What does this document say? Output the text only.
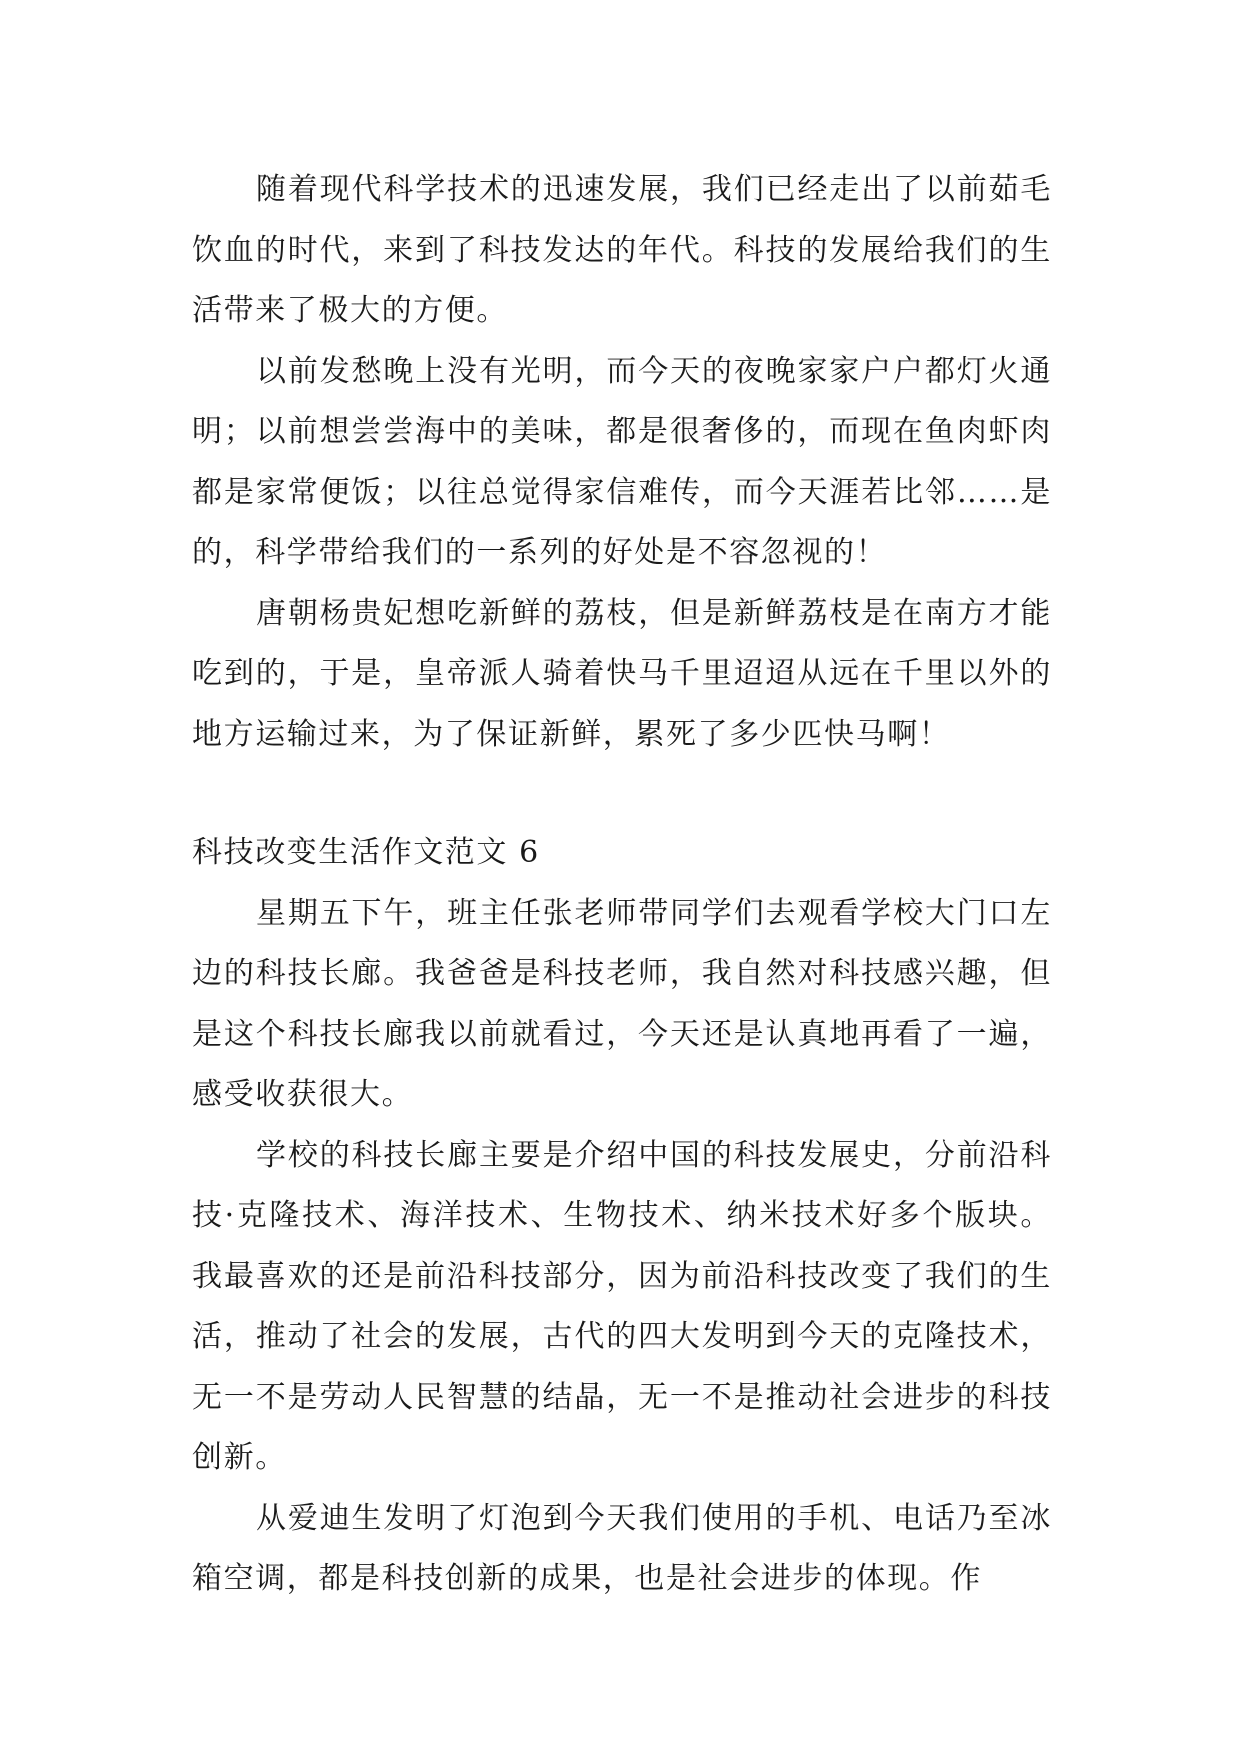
随着现代科学技术的迅速发展，我们已经走出了以前茹毛饮血的时代，来到了科技发达的年代。科技的发展给我们的生活带来了极大的方便。

以前发愁晚上没有光明，而今天的夜晚家家户户都灯火通明；以前想尝尝海中的美味，都是很奢侈的，而现在鱼肉虾肉都是家常便饭；以往总觉得家信难传，而今天涯若比邻……是的，科学带给我们的一系列的好处是不容忽视的！

唐朝杨贵妃想吃新鲜的荔枝，但是新鲜荔枝是在南方才能吃到的，于是，皇帝派人骑着快马千里迢迢从远在千里以外的地方运输过来，为了保证新鲜，累死了多少匹快马啊！

科技改变生活作文范文 6

星期五下午，班主任张老师带同学们去观看学校大门口左边的科技长廊。我爸爸是科技老师，我自然对科技感兴趣，但是这个科技长廊我以前就看过，今天还是认真地再看了一遍，感受收获很大。

学校的科技长廊主要是介绍中国的科技发展史，分前沿科技·克隆技术、海洋技术、生物技术、纳米技术好多个版块。 我最喜欢的还是前沿科技部分，因为前沿科技改变了我们的生活，推动了社会的发展，古代的四大发明到今天的克隆技术，无一不是劳动人民智慧的结晶，无一不是推动社会进步的科技创新。

从爱迪生发明了灯泡到今天我们使用的手机、电话乃至冰箱空调，都是科技创新的成果，也是社会进步的体现。作
